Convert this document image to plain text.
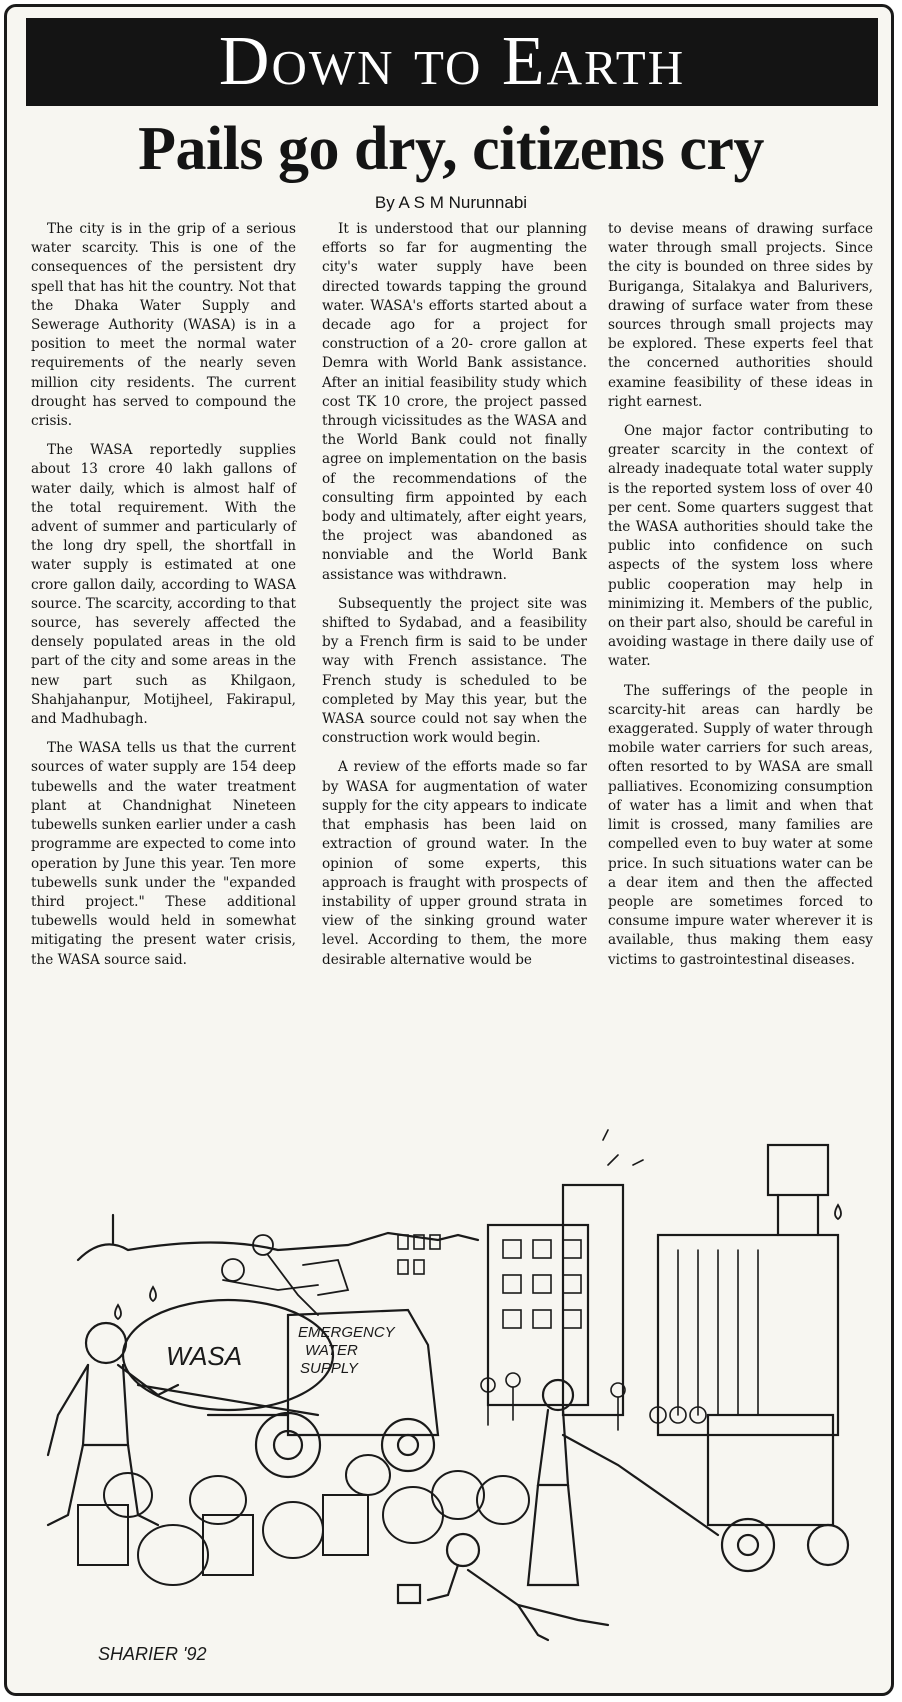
Down to Earth
Pails go dry, citizens cry
By A S M Nurunnabi

The city is in the grip of a serious water scarcity. This is one of the consequences of the persistent dry spell that has hit the country. Not that the Dhaka Water Supply and Sewerage Authority (WASA) is in a position to meet the normal water requirements of the nearly seven million city residents. The current drought has served to compound the crisis.

The WASA reportedly supplies about 13 crore 40 lakh gallons of water daily, which is almost half of the total requirement. With the advent of summer and particularly of the long dry spell, the shortfall in water supply is estimated at one crore gallon daily, according to WASA source. The scarcity, according to that source, has severely affected the densely populated areas in the old part of the city and some areas in the new part such as Khilgaon, Shahjahanpur, Motijheel, Fakirapul, and Madhubagh.

The WASA tells us that the current sources of water supply are 154 deep tubewells and the water treatment plant at Chandnighat Nineteen tubewells sunken earlier under a cash programme are expected to come into operation by June this year. Ten more tubewells sunk under the "expanded third project." These additional tubewells would held in somewhat mitigating the present water crisis, the WASA source said.

It is understood that our planning efforts so far for augmenting the city's water supply have been directed towards tapping the ground water. WASA's efforts started about a decade ago for a project for construction of a 20- crore gallon at Demra with World Bank assistance. After an initial feasibility study which cost TK 10 crore, the project passed through vicissitudes as the WASA and the World Bank could not finally agree on implementation on the basis of the recommendations of the consulting firm appointed by each body and ultimately, after eight years, the project was abandoned as nonviable and the World Bank assistance was withdrawn.

Subsequently the project site was shifted to Sydabad, and a feasibility by a French firm is said to be under way with French assistance. The French study is scheduled to be completed by May this year, but the WASA source could not say when the construction work would begin.

A review of the efforts made so far by WASA for augmentation of water supply for the city appears to indicate that emphasis has been laid on extraction of ground water. In the opinion of some experts, this approach is fraught with prospects of instability of upper ground strata in view of the sinking ground water level. According to them, the more desirable alternative would be

to devise means of drawing surface water through small projects. Since the city is bounded on three sides by Buriganga, Sitalakya and Balurivers, drawing of surface water from these sources through small projects may be explored. These experts feel that the concerned authorities should examine feasibility of these ideas in right earnest.

One major factor contributing to greater scarcity in the context of already inadequate total water supply is the reported system loss of over 40 per cent. Some quarters suggest that the WASA authorities should take the public into confidence on such aspects of the system loss where public cooperation may help in minimizing it. Members of the public, on their part also, should be careful in avoiding wastage in there daily use of water.

The sufferings of the people in scarcity-hit areas can hardly be exaggerated. Supply of water through mobile water carriers for such areas, often resorted to by WASA are small palliatives. Economizing consumption of water has a limit and when that limit is crossed, many families are compelled even to buy water at some price. In such situations water can be a dear item and then the affected people are sometimes forced to consume impure water wherever it is available, thus making them easy victims to gastrointestinal diseases.

WASA
EMERGENCY
WATER
SUPPLY
SHARIER '92
